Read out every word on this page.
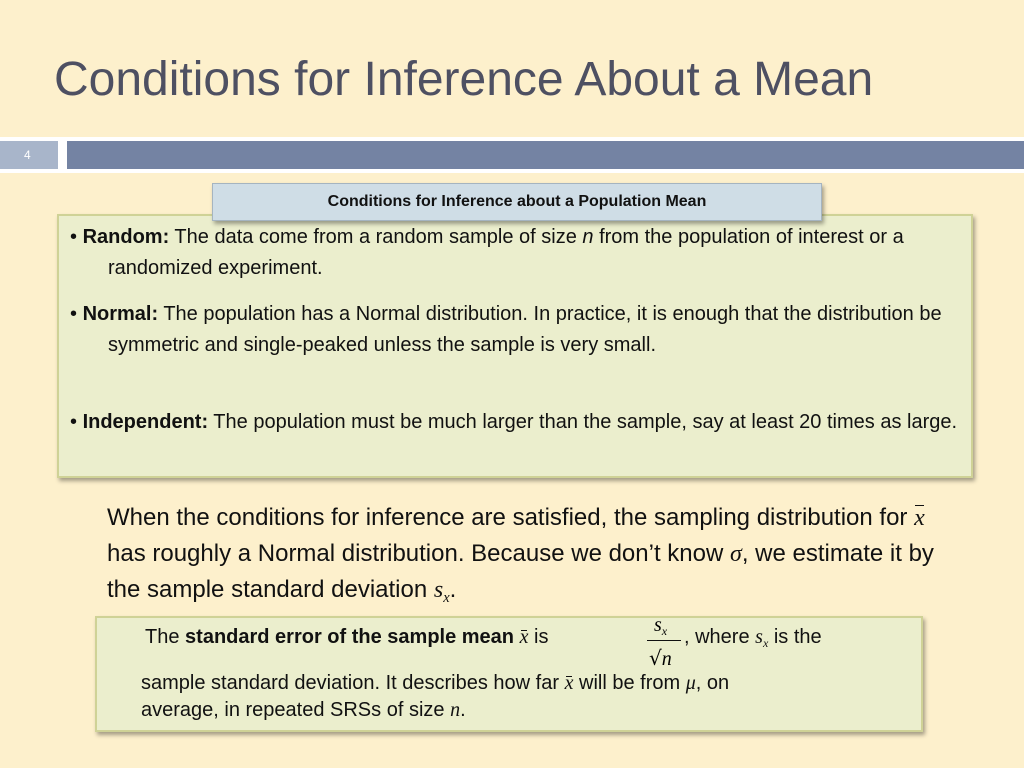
Conditions for Inference About a Mean
4
Conditions for Inference about a Population Mean
• Random: The data come from a random sample of size n from the population of interest or a randomized experiment.
• Normal: The population has a Normal distribution. In practice, it is enough that the distribution be symmetric and single-peaked unless the sample is very small.
• Independent: The population must be much larger than the sample, say at least 20 times as large.
When the conditions for inference are satisfied, the sampling distribution for x has roughly a Normal distribution. Because we don’t know σ, we estimate it by the sample standard deviation $s_x$.
The standard error of the sample mean x is
$s_x$
√n
, where $s_x$ is the
sample standard deviation. It describes how far x will be from μ, on
average, in repeated SRSs of size n.
